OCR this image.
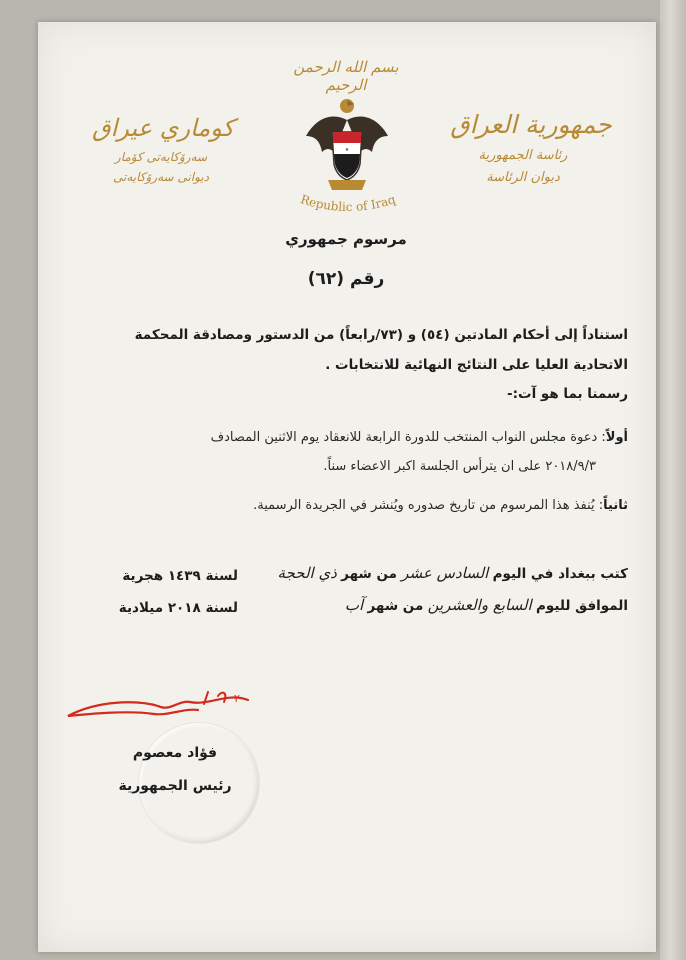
بسم الله الرحمن الرحيم
جمهورية العراق
رئاسة الجمهورية
ديوان الرئاسة
كوماري عيراق
سەرۆکایەتی کۆمار
دیوانی سەرۆکایەتی
★
Republic of Iraq
مرسوم جمهوري
رقم (٦٢)
استناداً إلى أحكام المادتين (٥٤) و (٧٣/رابعاً) من الدستور ومصادقة المحكمة
الاتحادية العليا على النتائج النهائية للانتخابات .
رسمنا بما هو آت:-
أولاً: دعوة مجلس النواب المنتخب للدورة الرابعة للانعقاد يوم الاثنين المصادف
٢٠١٨/٩/٣ على ان يترأس الجلسة اكبر الاعضاء سناً.
ثانياً: يُنفذ هذا المرسوم من تاريخ صدوره ويُنشر في الجريدة الرسمية.
كتب ببغداد في اليوم السادس عشر من شهر ذي الحجة
لسنة ١٤٣٩ هجرية
الموافق لليوم السابع والعشرين من شهر آب
لسنة ٢٠١٨ ميلادية
٢
فؤاد معصوم
رئيس الجمهورية
